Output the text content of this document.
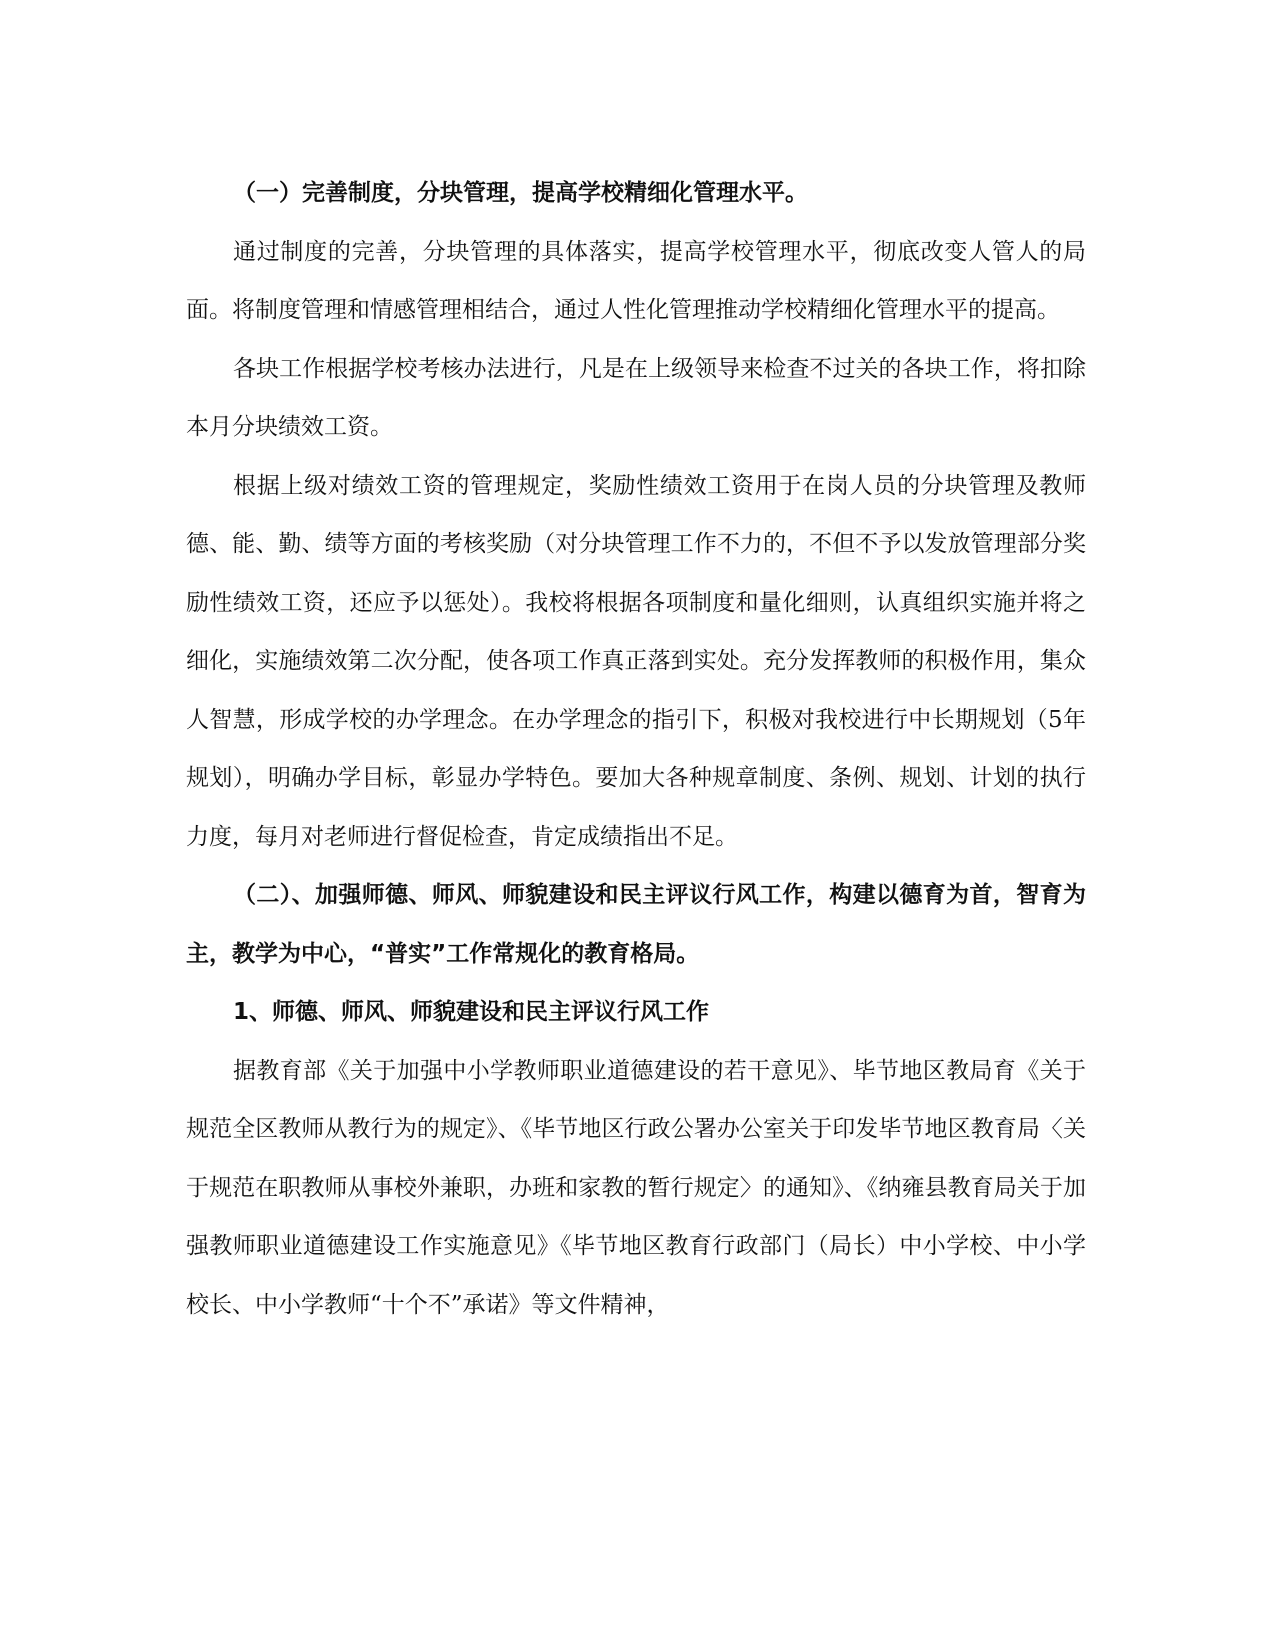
（一）完善制度，分块管理，提高学校精细化管理水平。

通过制度的完善，分块管理的具体落实，提高学校管理水平，彻底改变人管人的局面。将制度管理和情感管理相结合，通过人性化管理推动学校精细化管理水平的提高。

各块工作根据学校考核办法进行，凡是在上级领导来检查不过关的各块工作，将扣除本月分块绩效工资。

根据上级对绩效工资的管理规定，奖励性绩效工资用于在岗人员的分块管理及教师德、能、勤、绩等方面的考核奖励（对分块管理工作不力的，不但不予以发放管理部分奖励性绩效工资，还应予以惩处）。我校将根据各项制度和量化细则，认真组织实施并将之细化，实施绩效第二次分配，使各项工作真正落到实处。充分发挥教师的积极作用，集众人智慧，形成学校的办学理念。在办学理念的指引下，积极对我校进行中长期规划（5年规划），明确办学目标，彰显办学特色。要加大各种规章制度、条例、规划、计划的执行力度，每月对老师进行督促检查，肯定成绩指出不足。

（二）、加强师德、师风、师貌建设和民主评议行风工作，构建以德育为首，智育为主，教学为中心，“普实”工作常规化的教育格局。

1、师德、师风、师貌建设和民主评议行风工作

据教育部《关于加强中小学教师职业道德建设的若干意见》、毕节地区教局育《关于规范全区教师从教行为的规定》、《毕节地区行政公署办公室关于印发毕节地区教育局〈关于规范在职教师从事校外兼职，办班和家教的暂行规定〉的通知》、《纳雍县教育局关于加强教师职业道德建设工作实施意见》《毕节地区教育行政部门（局长）中小学校、中小学校长、中小学教师“十个不”承诺》等文件精神，
